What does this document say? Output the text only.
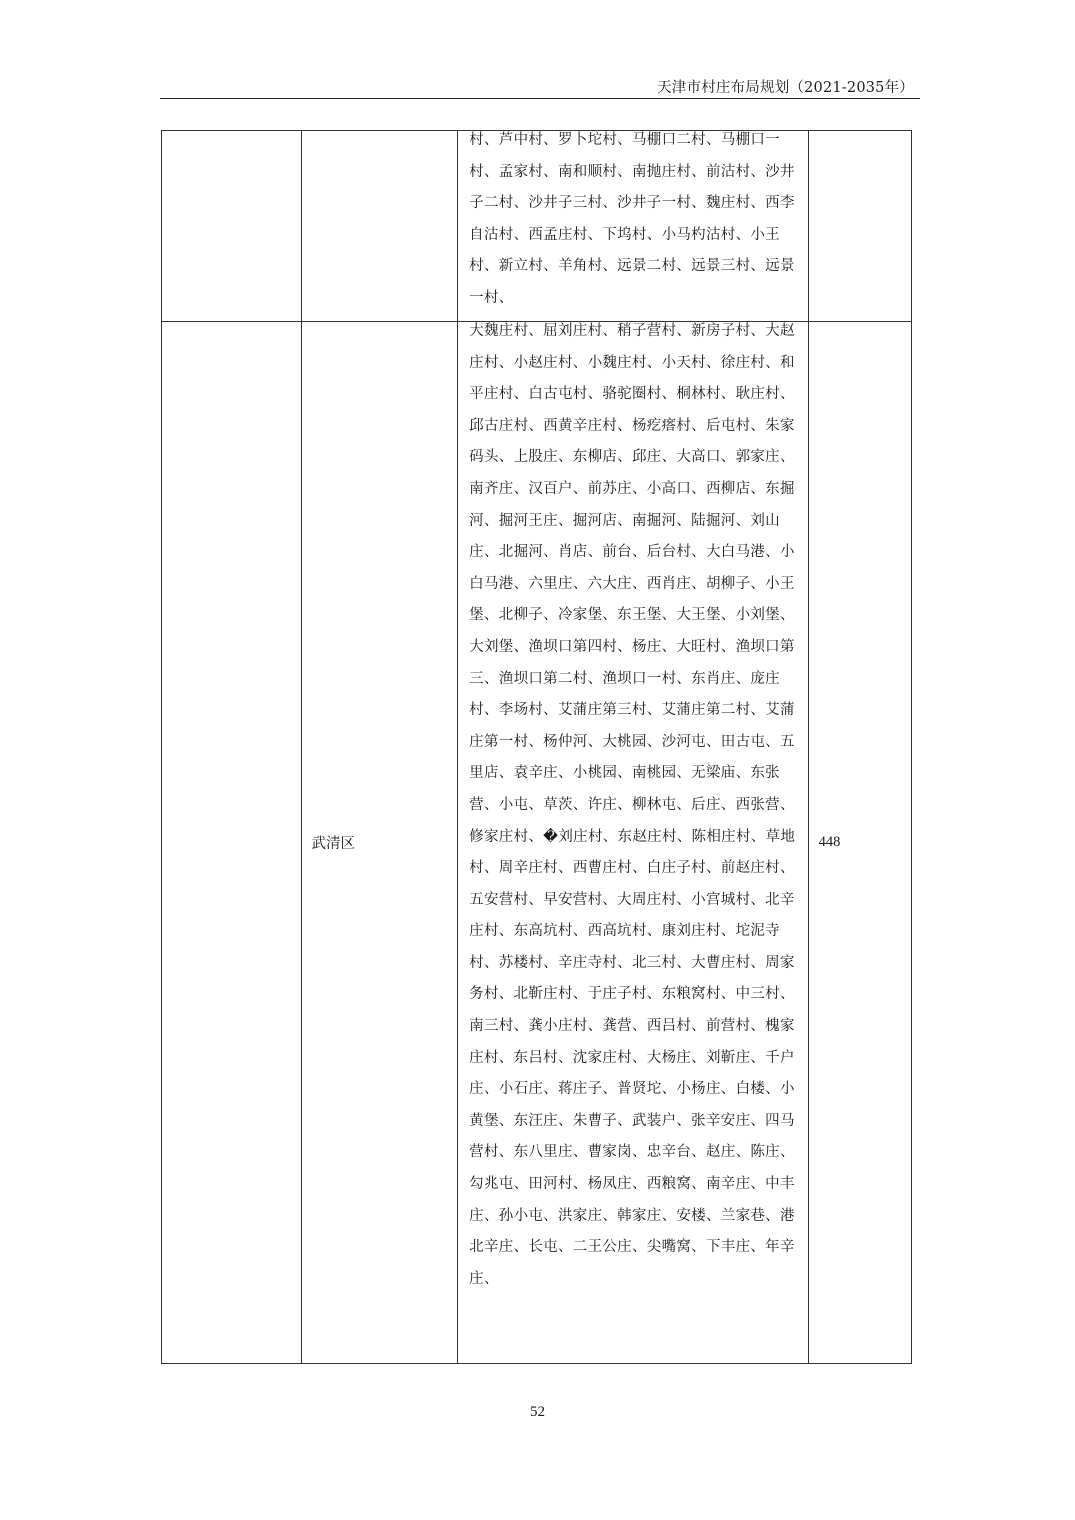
天津市村庄布局规划（2021-2035年）

		村、芦中村、罗卜坨村、马棚口二村、马棚口一村、孟家村、南和顺村、南抛庄村、前沽村、沙井子二村、沙井子三村、沙井子一村、魏庄村、西李自沽村、西孟庄村、下坞村、小马杓沽村、小王村、新立村、羊角村、远景二村、远景三村、远景一村、	

	武清区	大魏庄村、屈刘庄村、稍子营村、新房子村、大赵庄村、小赵庄村、小魏庄村、小天村、徐庄村、和平庄村、白古屯村、骆驼圈村、桐林村、耿庄村、邱古庄村、西黄辛庄村、杨疙瘩村、后屯村、朱家码头、上股庄、东柳店、邱庄、大高口、郭家庄、南齐庄、汉百户、前苏庄、小高口、西柳店、东掘河、掘河王庄、掘河店、南掘河、陆掘河、刘山庄、北掘河、肖店、前台、后台村、大白马港、小白马港、六里庄、六大庄、西肖庄、胡柳子、小王堡、北柳子、冷家堡、东王堡、大王堡、小刘堡、大刘堡、渔坝口第四村、杨庄、大旺村、渔坝口第三、渔坝口第二村、渔坝口一村、东肖庄、庞庄村、李场村、艾蒲庄第三村、艾蒲庄第二村、艾蒲庄第一村、杨仲河、大桃园、沙河屯、田古屯、五里店、袁辛庄、小桃园、南桃园、无梁庙、东张营、小屯、草茨、许庄、柳林屯、后庄、西张营、修家庄村、�刘庄村、东赵庄村、陈相庄村、草地村、周辛庄村、西曹庄村、白庄子村、前赵庄村、五安营村、早安营村、大周庄村、小宫城村、北辛庄村、东高坑村、西高坑村、康刘庄村、坨泥寺村、苏楼村、辛庄寺村、北三村、大曹庄村、周家务村、北靳庄村、于庄子村、东粮窝村、中三村、南三村、龚小庄村、龚营、西吕村、前营村、槐家庄村、东吕村、沈家庄村、大杨庄、刘靳庄、千户庄、小石庄、蒋庄子、普贤坨、小杨庄、白楼、小黄堡、东汪庄、朱曹子、武装户、张辛安庄、四马营村、东八里庄、曹家岗、忠辛台、赵庄、陈庄、勾兆屯、田河村、杨凤庄、西粮窝、南辛庄、中丰庄、孙小屯、洪家庄、韩家庄、安楼、兰家巷、港北辛庄、长屯、二王公庄、尖嘴窝、下丰庄、年辛庄、	448
52
